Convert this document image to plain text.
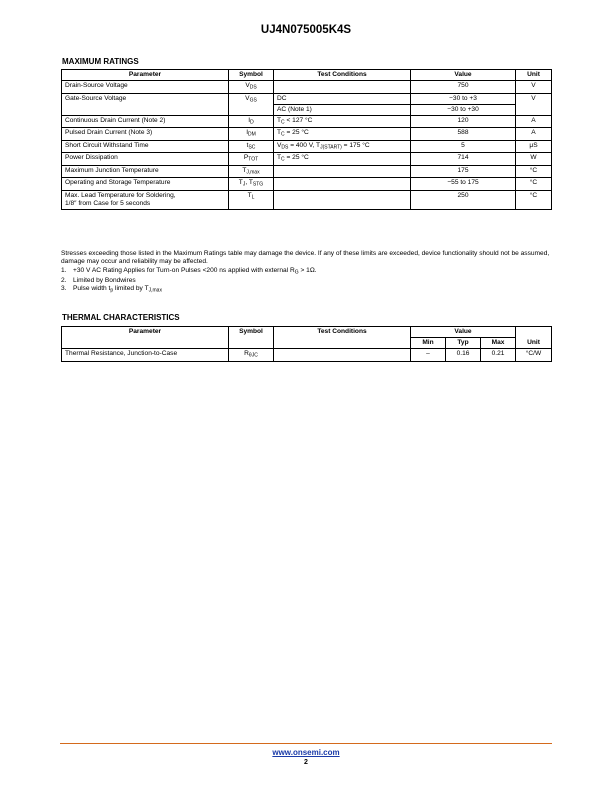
UJ4N075005K4S
MAXIMUM RATINGS
Parameter	Symbol	Test Conditions	Value	Unit
Drain-Source Voltage	$V_{DS}$		750	V
Gate-Source Voltage	$V_{GS}$	DC	−30 to +3	V
		AC (Note 1)	−30 to +30	
Continuous Drain Current (Note 2)	$I_D$	$T_C < 127$ °C	120	A
Pulsed Drain Current (Note 3)	$I_{DM}$	$T_C = 25$ °C	588	A
Short Circuit Withstand Time	$t_{SC}$	$V_{DS} = 400$ V, $T_{J(START)} = 175$ °C	5	μS
Power Dissipation	$P_{TOT}$	$T_C = 25$ °C	714	W
Maximum Junction Temperature	$T_{J,max}$		175	°C
Operating and Storage Temperature	$T_J$, $T_{STG}$		−55 to 175	°C

Max. Lead Temperature for Soldering,
1/8″ from Case for 5 seconds	$T_L$		250	°C

Stresses exceeding those listed in the Maximum Ratings table may damage the device. If any of these limits are exceeded, device functionality should not be assumed, damage may occur and reliability may be affected.

1. +30 V AC Rating Applies for Turn-on Pulses <200 ns applied with external $R_G > 1\Omega$.
2. Limited by Bondwires
3. Pulse width $t_p$ limited by $T_{J,max}$
THERMAL CHARACTERISTICS
Parameter	Symbol	Test Conditions	Value			Unit
			Min	Typ	Max	
Thermal Resistance, Junction-to-Case	$R_{\theta JC}$		–	0.16	0.21	°C/W
www.onsemi.com
2
